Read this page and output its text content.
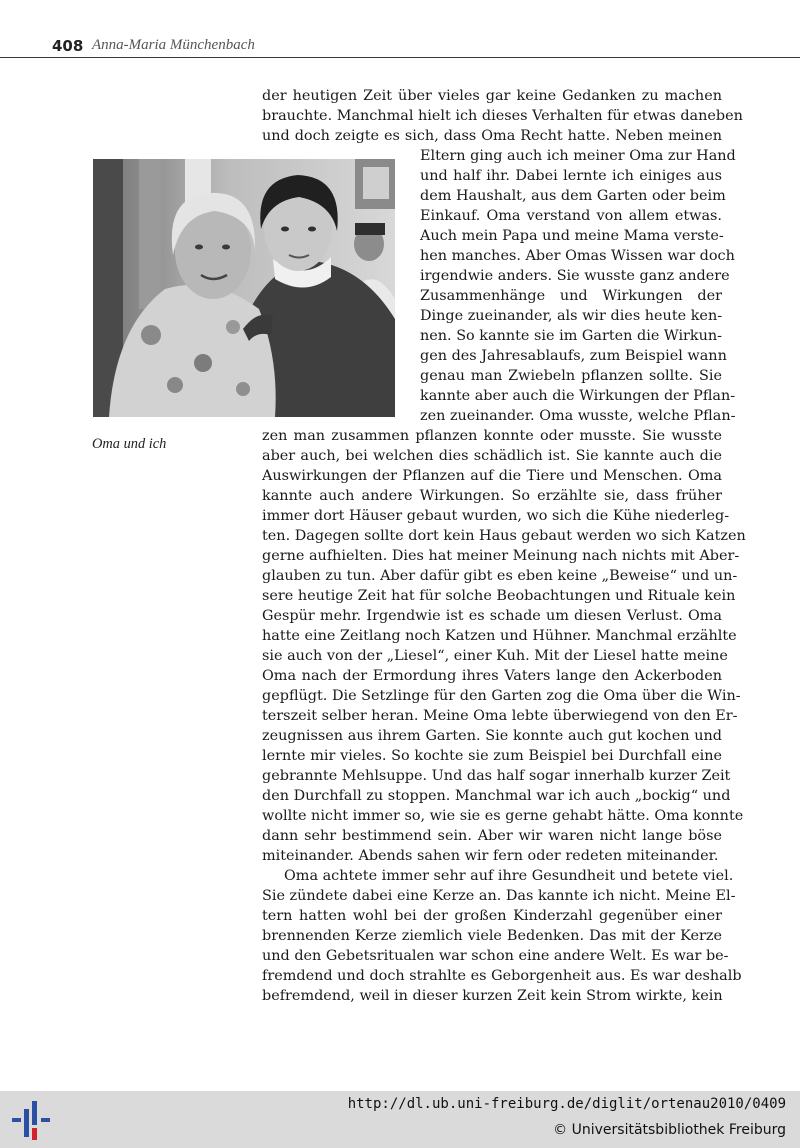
408 Anna-Maria Münchenbach
Oma und ich
der heutigen Zeit über vieles gar keine Gedanken zu machen
brauchte. Manchmal hielt ich dieses Verhalten für etwas daneben
und doch zeigte es sich, dass Oma Recht hatte. Neben meinen
Eltern ging auch ich meiner Oma zur Hand
und half ihr. Dabei lernte ich einiges aus
dem Haushalt, aus dem Garten oder beim
Einkauf. Oma verstand von allem etwas.
Auch mein Papa und meine Mama verste-
hen manches. Aber Omas Wissen war doch
irgendwie anders. Sie wusste ganz andere
Zusammenhänge und Wirkungen der
Dinge zueinander, als wir dies heute ken-
nen. So kannte sie im Garten die Wirkun-
gen des Jahresablaufs, zum Beispiel wann
genau man Zwiebeln pflanzen sollte. Sie
kannte aber auch die Wirkungen der Pflan-
zen zueinander. Oma wusste, welche Pflan-
zen man zusammen pflanzen konnte oder musste. Sie wusste
aber auch, bei welchen dies schädlich ist. Sie kannte auch die
Auswirkungen der Pflanzen auf die Tiere und Menschen. Oma
kannte auch andere Wirkungen. So erzählte sie, dass früher
immer dort Häuser gebaut wurden, wo sich die Kühe niederleg-
ten. Dagegen sollte dort kein Haus gebaut werden wo sich Katzen
gerne aufhielten. Dies hat meiner Meinung nach nichts mit Aber-
glauben zu tun. Aber dafür gibt es eben keine „Beweise“ und un-
sere heutige Zeit hat für solche Beobachtungen und Rituale kein
Gespür mehr. Irgendwie ist es schade um diesen Verlust. Oma
hatte eine Zeitlang noch Katzen und Hühner. Manchmal erzählte
sie auch von der „Liesel“, einer Kuh. Mit der Liesel hatte meine
Oma nach der Ermordung ihres Vaters lange den Ackerboden
gepflügt. Die Setzlinge für den Garten zog die Oma über die Win-
terszeit selber heran. Meine Oma lebte überwiegend von den Er-
zeugnissen aus ihrem Garten. Sie konnte auch gut kochen und
lernte mir vieles. So kochte sie zum Beispiel bei Durchfall eine
gebrannte Mehlsuppe. Und das half sogar innerhalb kurzer Zeit
den Durchfall zu stoppen. Manchmal war ich auch „bockig“ und
wollte nicht immer so, wie sie es gerne gehabt hätte. Oma konnte
dann sehr bestimmend sein. Aber wir waren nicht lange böse
miteinander. Abends sahen wir fern oder redeten miteinander.
Oma achtete immer sehr auf ihre Gesundheit und betete viel.
Sie zündete dabei eine Kerze an. Das kannte ich nicht. Meine El-
tern hatten wohl bei der großen Kinderzahl gegenüber einer
brennenden Kerze ziemlich viele Bedenken. Das mit der Kerze
und den Gebetsritualen war schon eine andere Welt. Es war be-
fremdend und doch strahlte es Geborgenheit aus. Es war deshalb
befremdend, weil in dieser kurzen Zeit kein Strom wirkte, kein
http://dl.ub.uni-freiburg.de/diglit/ortenau2010/0409
© Universitätsbibliothek Freiburg
